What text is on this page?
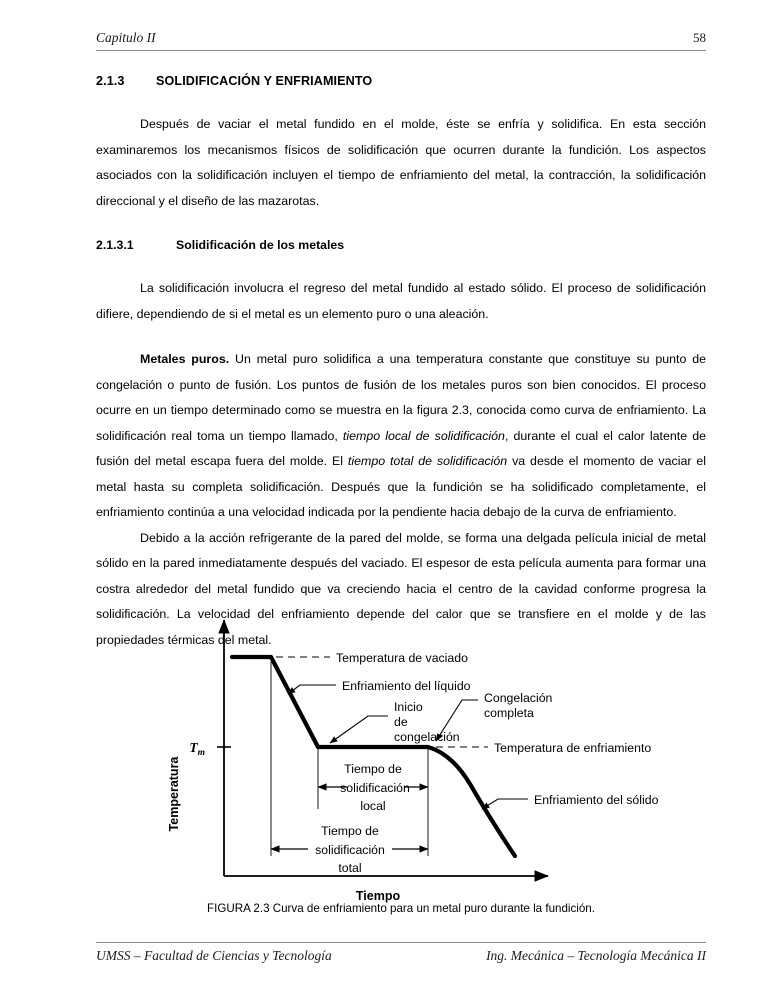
Capitulo II	58
2.1.3	SOLIDIFICACIÓN Y ENFRIAMIENTO

Después de vaciar el metal fundido en el molde, éste se enfría y solidifica. En esta sección examinaremos los mecanismos físicos de solidificación que ocurren durante la fundición. Los aspectos asociados con la solidificación incluyen el tiempo de enfriamiento del metal, la contracción, la solidificación direccional y el diseño de las mazarotas.

2.1.3.1	Solidificación de los metales

La solidificación involucra el regreso del metal fundido al estado sólido. El proceso de solidificación difiere, dependiendo de si el metal es un elemento puro o una aleación.

Metales puros. Un metal puro solidifica a una temperatura constante que constituye su punto de congelación o punto de fusión. Los puntos de fusión de los metales puros son bien conocidos. El proceso ocurre en un tiempo determinado como se muestra en la figura 2.3, conocida como curva de enfriamiento. La solidificación real toma un tiempo llamado, tiempo local de solidificación, durante el cual el calor latente de fusión del metal escapa fuera del molde. El tiempo total de solidificación va desde el momento de vaciar el metal hasta su completa solidificación. Después que la fundición se ha solidificado completamente, el enfriamiento continúa a una velocidad indicada por la pendiente hacia debajo de la curva de enfriamiento.

Debido a la acción refrigerante de la pared del molde, se forma una delgada película inicial de metal sólido en la pared inmediatamente después del vaciado. El espesor de esta película aumenta para formar una costra alrededor del metal fundido que va creciendo hacia el centro de la cavidad conforme progresa la solidificación. La velocidad del enfriamiento depende del calor que se transfiere en el molde y de las propiedades térmicas del metal.

Temperatura
Tiempo
$T_m$
Temperatura de vaciado
Temperatura de enfriamiento
Enfriamiento del líquido
Inicio
de
congelación
Congelación
completa
Enfriamiento del sólido
Tiempo de
solidificación
local
Tiempo de
solidificación
total
FIGURA 2.3 Curva de enfriamiento para un metal puro durante la fundición.
UMSS – Facultad de Ciencias y Tecnología	Ing. Mecánica – Tecnología Mecánica II
